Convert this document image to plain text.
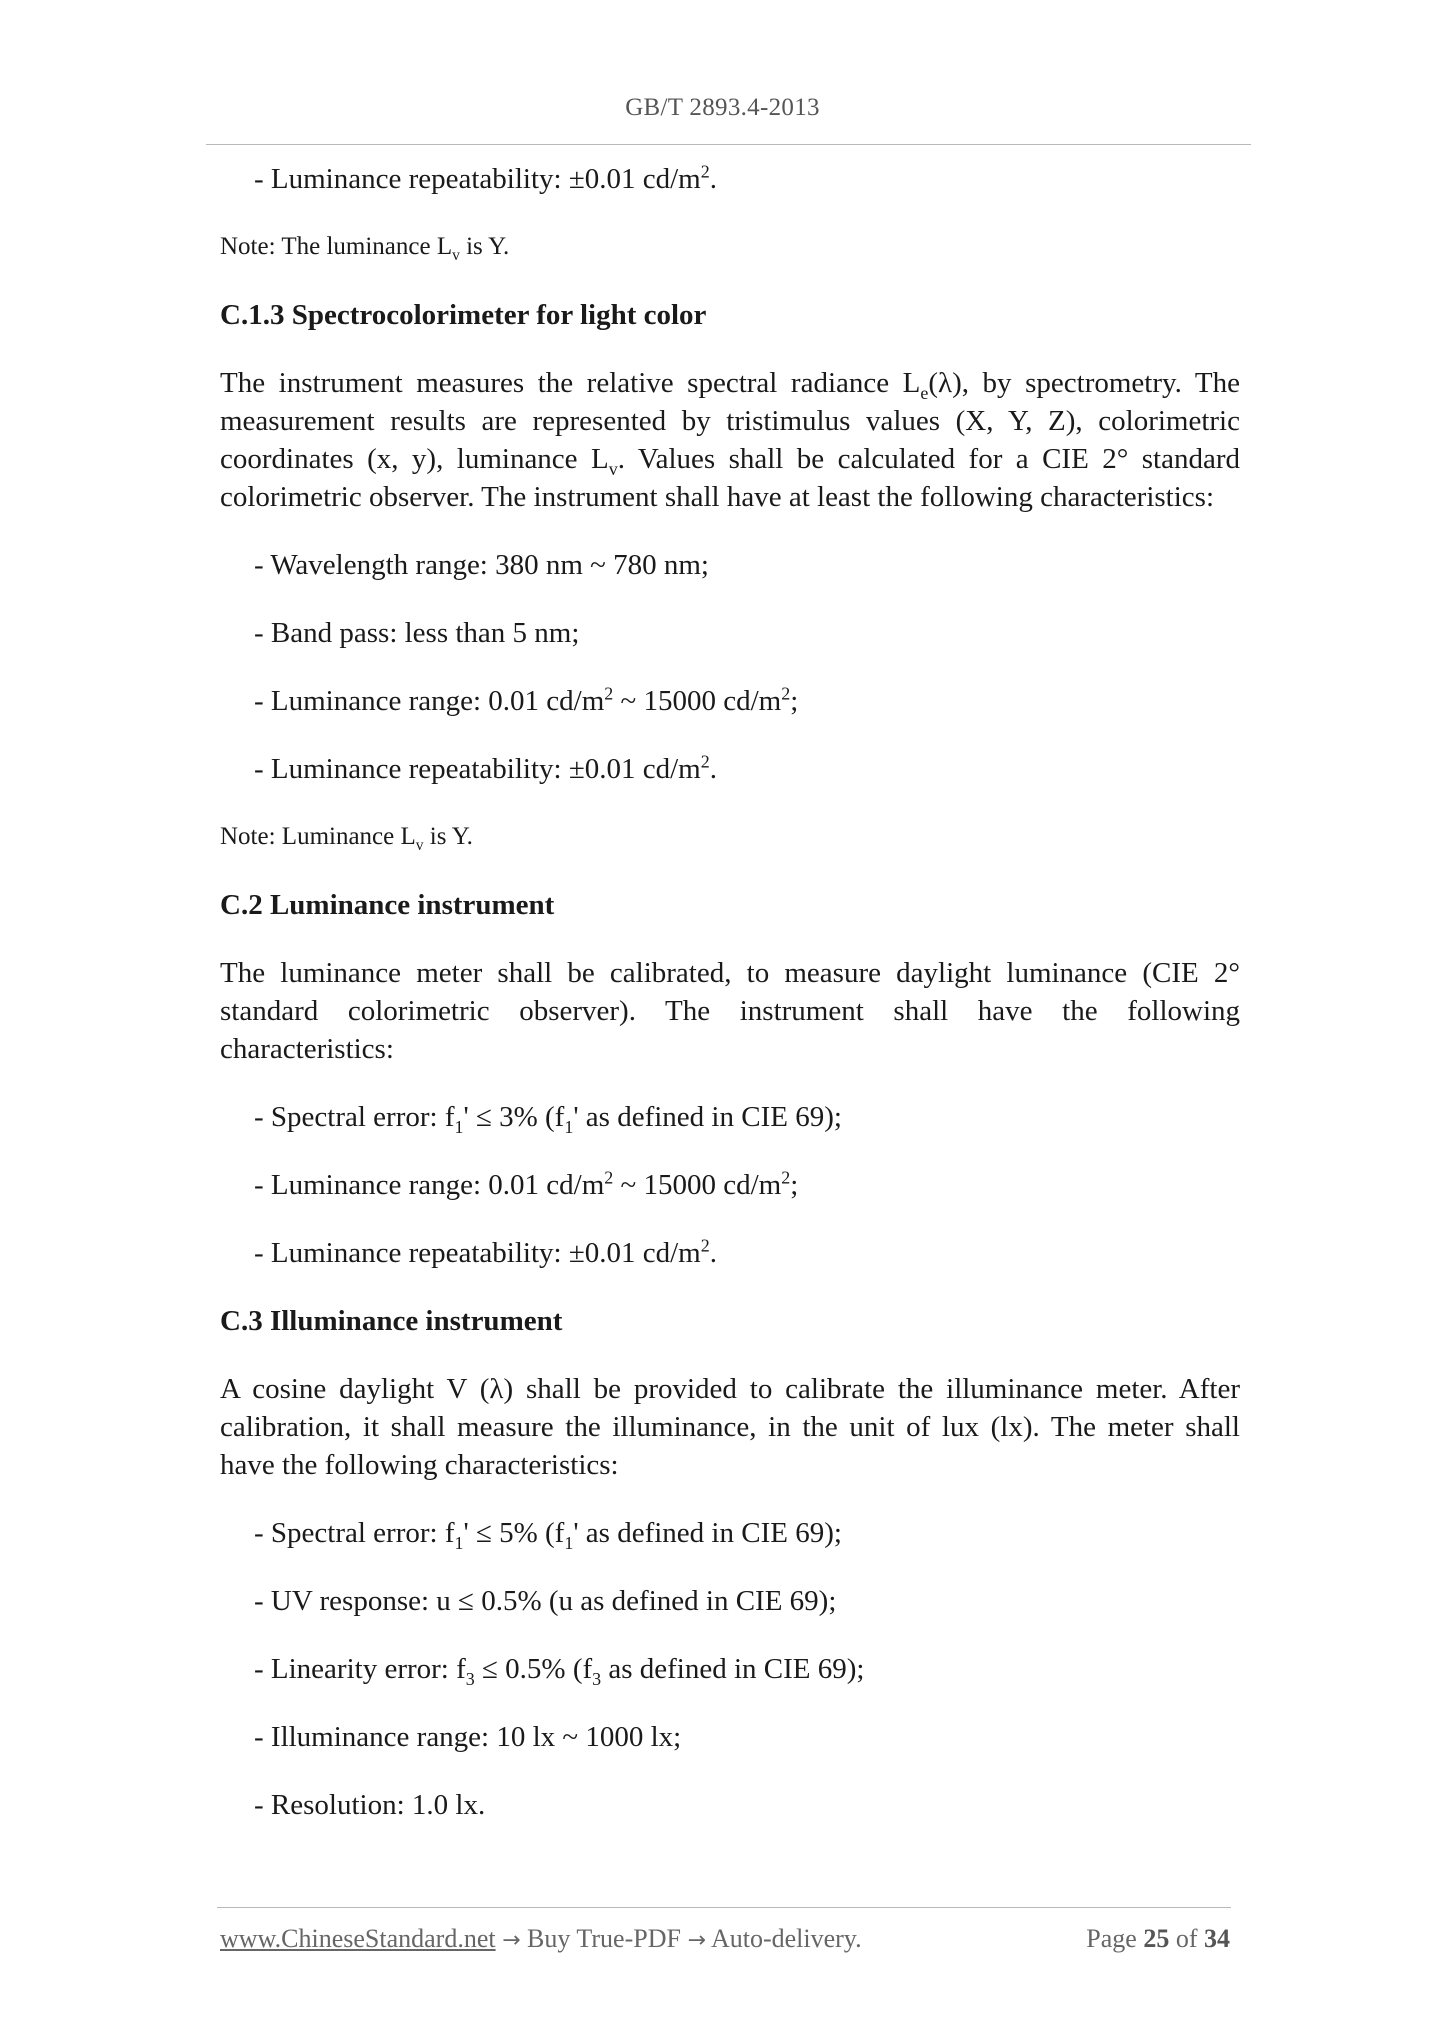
GB/T 2893.4-2013
- Luminance repeatability: ±0.01 $cd/m^2$.
Note: The luminance $L_v$ is Y.
C.1.3 Spectrocolorimeter for light color
The instrument measures the relative spectral radiance $L_e(\lambda)$, by spectrometry. The measurement results are represented by tristimulus values (X, Y, Z), colorimetric coordinates (x, y), luminance $L_v$. Values shall be calculated for a CIE 2° standard colorimetric observer. The instrument shall have at least the following characteristics:
- Wavelength range: 380 nm ~ 780 nm;
- Band pass: less than 5 nm;
- Luminance range: 0.01 $cd/m^2$ ~ 15000 $cd/m^2$;
- Luminance repeatability: ±0.01 $cd/m^2$.
Note: Luminance $L_v$ is Y.
C.2 Luminance instrument
The luminance meter shall be calibrated, to measure daylight luminance (CIE 2° standard colorimetric observer). The instrument shall have the following characteristics:
- Spectral error: $f_1' \le 3\%$ ($f_1'$ as defined in CIE 69);
- Luminance range: 0.01 $cd/m^2$ ~ 15000 $cd/m^2$;
- Luminance repeatability: ±0.01 $cd/m^2$.
C.3 Illuminance instrument
A cosine daylight V (λ) shall be provided to calibrate the illuminance meter. After calibration, it shall measure the illuminance, in the unit of lux (lx). The meter shall have the following characteristics:
- Spectral error: $f_1' \le 5\%$ ($f_1'$ as defined in CIE 69);
- UV response: u ≤ 0.5% (u as defined in CIE 69);
- Linearity error: $f_3 \le 0.5\%$ ($f_3$ as defined in CIE 69);
- Illuminance range: 10 lx ~ 1000 lx;
- Resolution: 1.0 lx.
www.ChineseStandard.net → Buy True-PDF → Auto-delivery.	Page 25 of 34
